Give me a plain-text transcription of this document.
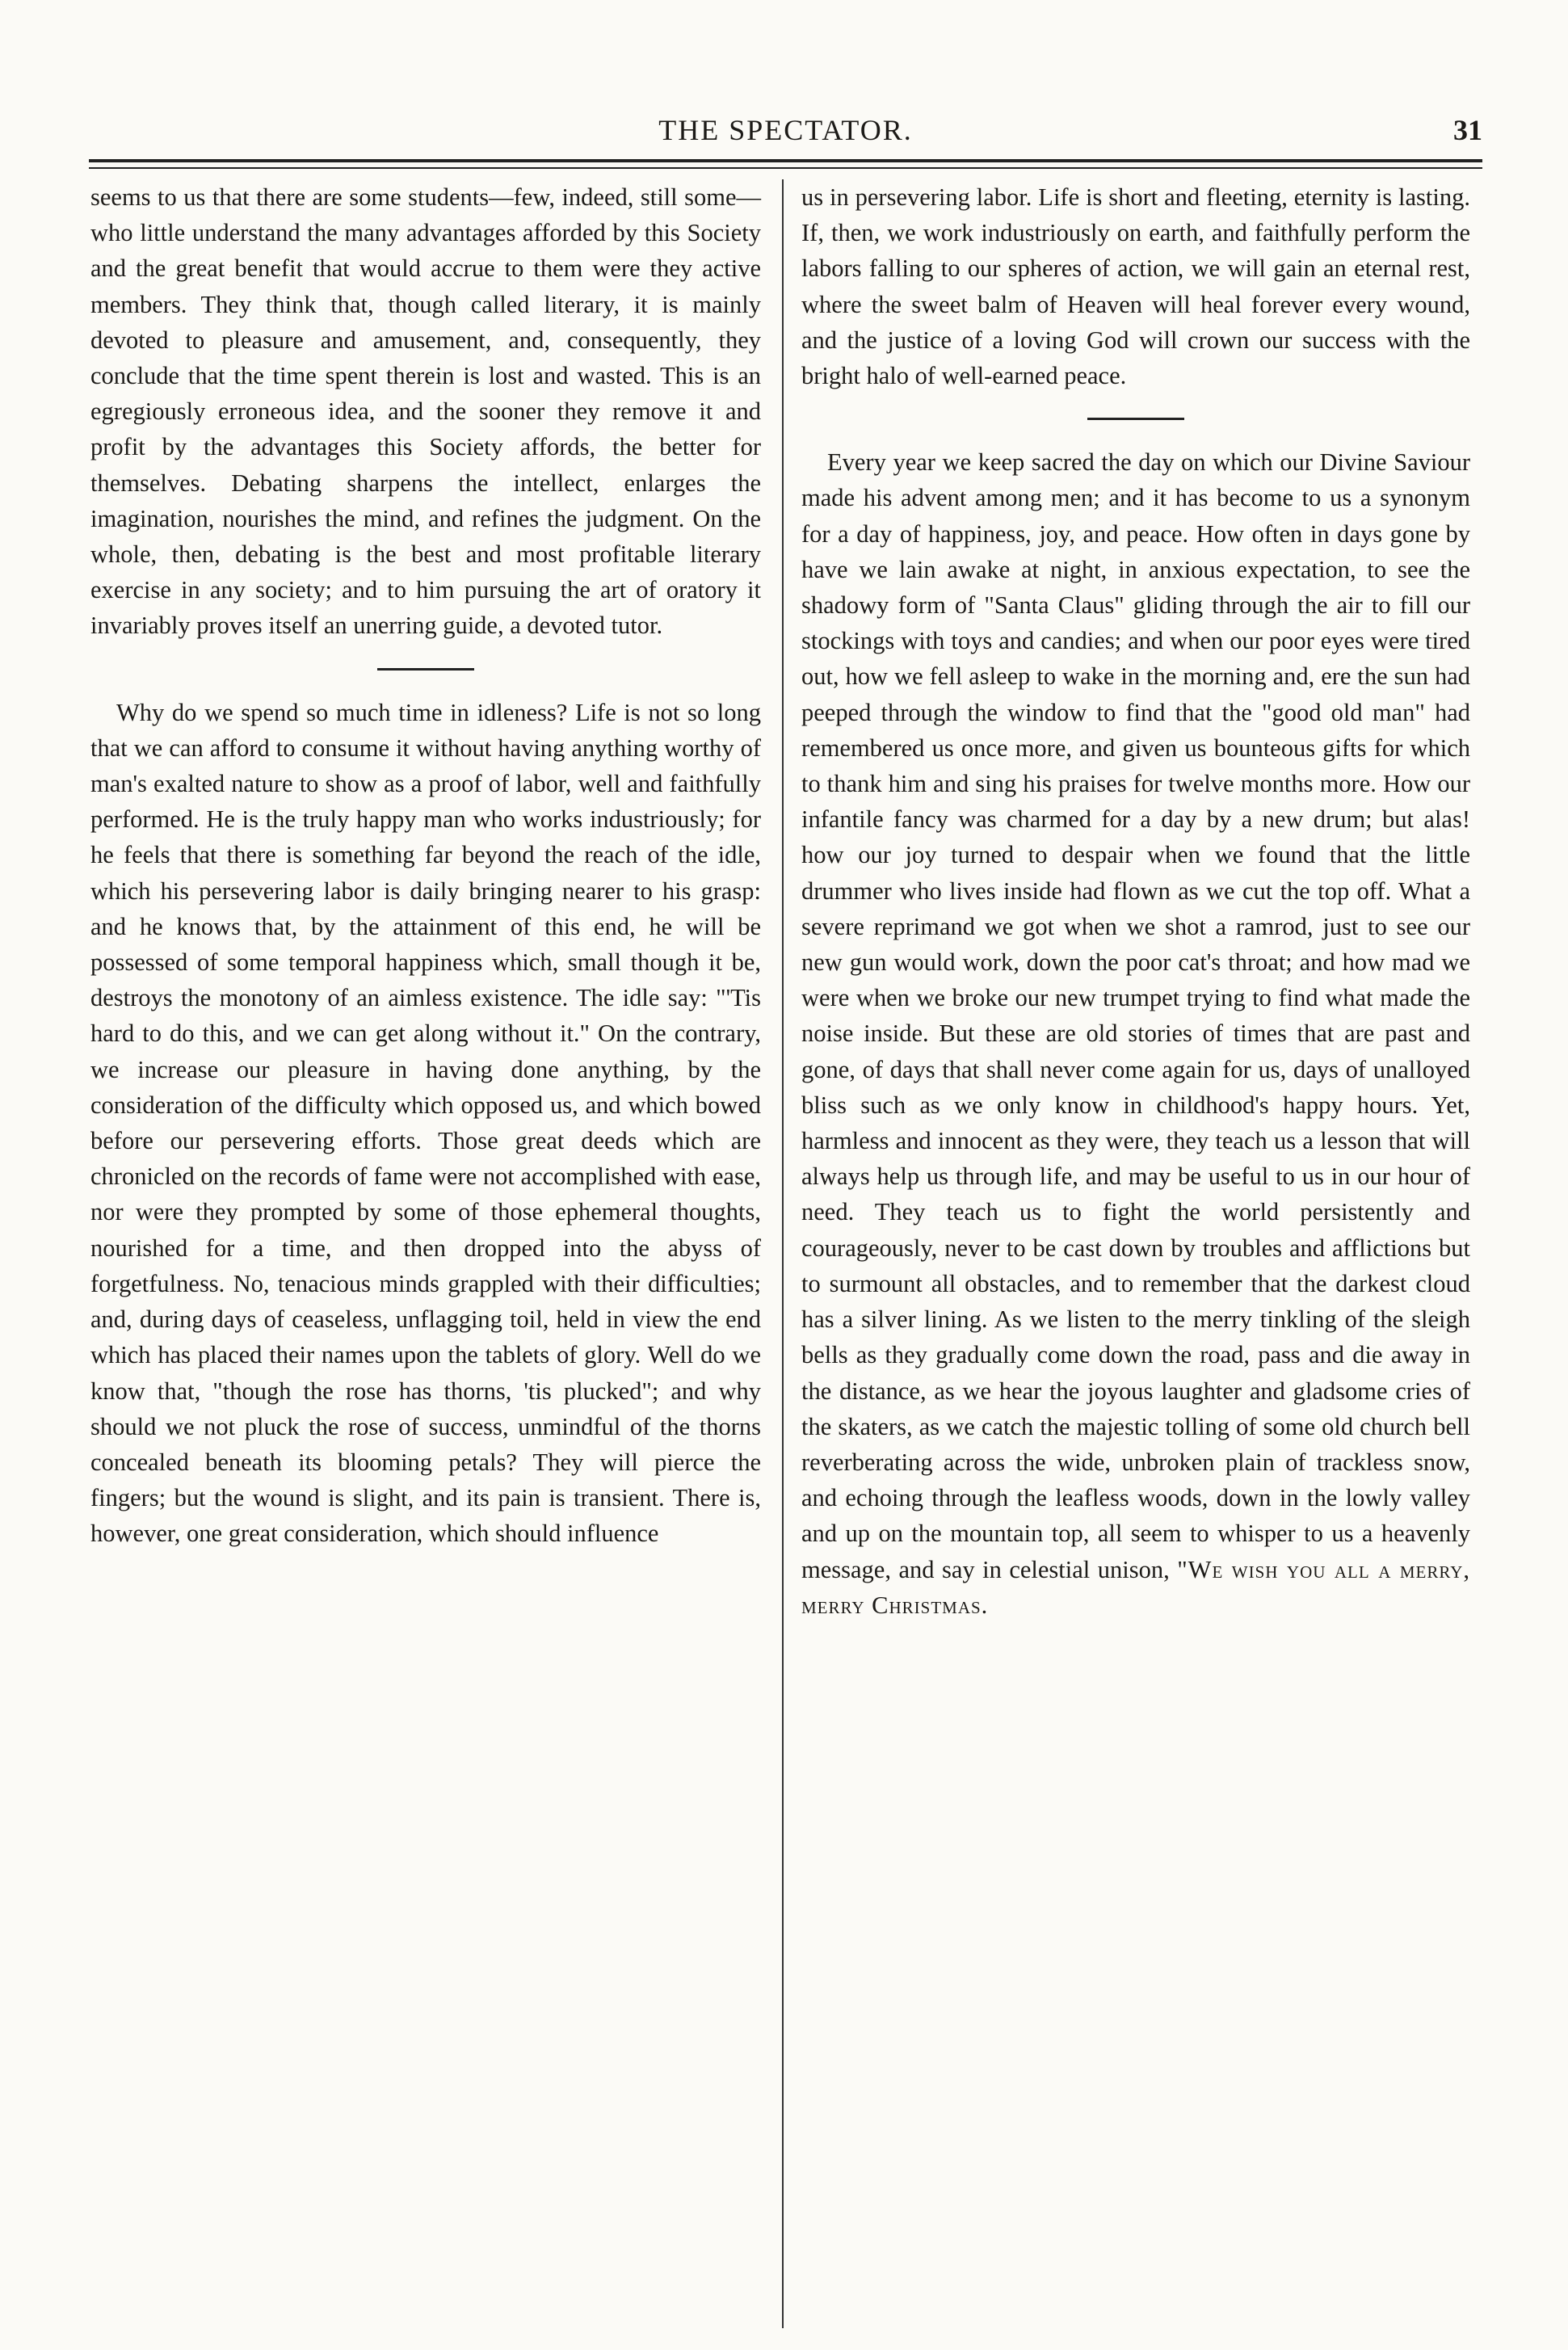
THE SPECTATOR.	31

seems to us that there are some students—few, indeed, still some—who little understand the many advantages afforded by this Society and the great benefit that would accrue to them were they active members. They think that, though called literary, it is mainly devoted to pleasure and amusement, and, consequently, they conclude that the time spent therein is lost and wasted. This is an egregiously erroneous idea, and the sooner they remove it and profit by the advantages this Society affords, the better for themselves. Debating sharpens the intellect, enlarges the imagination, nourishes the mind, and refines the judgment. On the whole, then, debating is the best and most profitable literary exercise in any society; and to him pursuing the art of oratory it invariably proves itself an unerring guide, a devoted tutor.

Why do we spend so much time in idleness? Life is not so long that we can afford to consume it without having anything worthy of man's exalted nature to show as a proof of labor, well and faithfully performed. He is the truly happy man who works industriously; for he feels that there is something far beyond the reach of the idle, which his persevering labor is daily bringing nearer to his grasp: and he knows that, by the attainment of this end, he will be possessed of some temporal happiness which, small though it be, destroys the monotony of an aimless existence. The idle say: "'Tis hard to do this, and we can get along without it." On the contrary, we increase our pleasure in having done anything, by the consideration of the difficulty which opposed us, and which bowed before our persevering efforts. Those great deeds which are chronicled on the records of fame were not accomplished with ease, nor were they prompted by some of those ephemeral thoughts, nourished for a time, and then dropped into the abyss of forgetfulness. No, tenacious minds grappled with their difficulties; and, during days of ceaseless, unflagging toil, held in view the end which has placed their names upon the tablets of glory. Well do we know that, "though the rose has thorns, 'tis plucked"; and why should we not pluck the rose of success, unmindful of the thorns concealed beneath its blooming petals? They will pierce the fingers; but the wound is slight, and its pain is transient. There is, however, one great consideration, which should influence

us in persevering labor. Life is short and fleeting, eternity is lasting. If, then, we work industriously on earth, and faithfully perform the labors falling to our spheres of action, we will gain an eternal rest, where the sweet balm of Heaven will heal forever every wound, and the justice of a loving God will crown our success with the bright halo of well-earned peace.

Every year we keep sacred the day on which our Divine Saviour made his advent among men; and it has become to us a synonym for a day of happiness, joy, and peace. How often in days gone by have we lain awake at night, in anxious expectation, to see the shadowy form of "Santa Claus" gliding through the air to fill our stockings with toys and candies; and when our poor eyes were tired out, how we fell asleep to wake in the morning and, ere the sun had peeped through the window to find that the "good old man" had remembered us once more, and given us bounteous gifts for which to thank him and sing his praises for twelve months more. How our infantile fancy was charmed for a day by a new drum; but alas! how our joy turned to despair when we found that the little drummer who lives inside had flown as we cut the top off. What a severe reprimand we got when we shot a ramrod, just to see our new gun would work, down the poor cat's throat; and how mad we were when we broke our new trumpet trying to find what made the noise inside. But these are old stories of times that are past and gone, of days that shall never come again for us, days of unalloyed bliss such as we only know in childhood's happy hours. Yet, harmless and innocent as they were, they teach us a lesson that will always help us through life, and may be useful to us in our hour of need. They teach us to fight the world persistently and courageously, never to be cast down by troubles and afflictions but to surmount all obstacles, and to remember that the darkest cloud has a silver lining. As we listen to the merry tinkling of the sleigh bells as they gradually come down the road, pass and die away in the distance, as we hear the joyous laughter and gladsome cries of the skaters, as we catch the majestic tolling of some old church bell reverberating across the wide, unbroken plain of trackless snow, and echoing through the leafless woods, down in the lowly valley and up on the mountain top, all seem to whisper to us a heavenly message, and say in celestial unison, "We wish you all a merry, merry Christmas.
